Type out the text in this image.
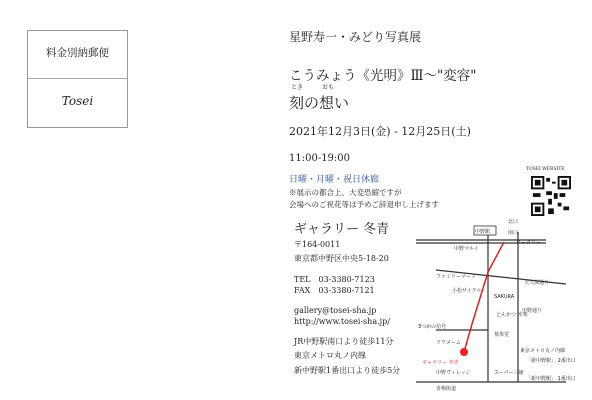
料金別納郵便
Tosei
星野寿一・みどり写真展
こうみょう《光明》Ⅲ～"変容"
とき	おも
刻の想い
2021年12月3日(金) - 12月25日(土)
11:00-19:00
日曜・月曜・祝日休廊
※展示の都合上、大変恐縮ですが
会場へのご祝花等は予めご辞退申し上げます
TOSEI WEBSITE
ギャラリー 冬青
〒164-0011
東京都中野区中央5-18-20
TEL　03-3380-7123
FAX　03-3380-7121
gallery@tosei-sha.jp
http://www.tosei-sha.jp/
JR中野駅南口より徒歩11分
東京メトロ丸ノ内線
新中野駅1番出口より徒歩5分
中野駅
北口
南口
ロータリー
中野マルイ
ファミリーマート
小松サイクル
大久保通り
SAKURA
とんかつ 幸楽
3つめの信号
墓参堂
ソワメーム
ギャラリー 冬青
中野ヴィレッジ	スーパー三徳
青梅街道
東京メトロ丸ノ内線
「新中野駅」 2番出口
「新中野駅」 1番出口
中野通り
